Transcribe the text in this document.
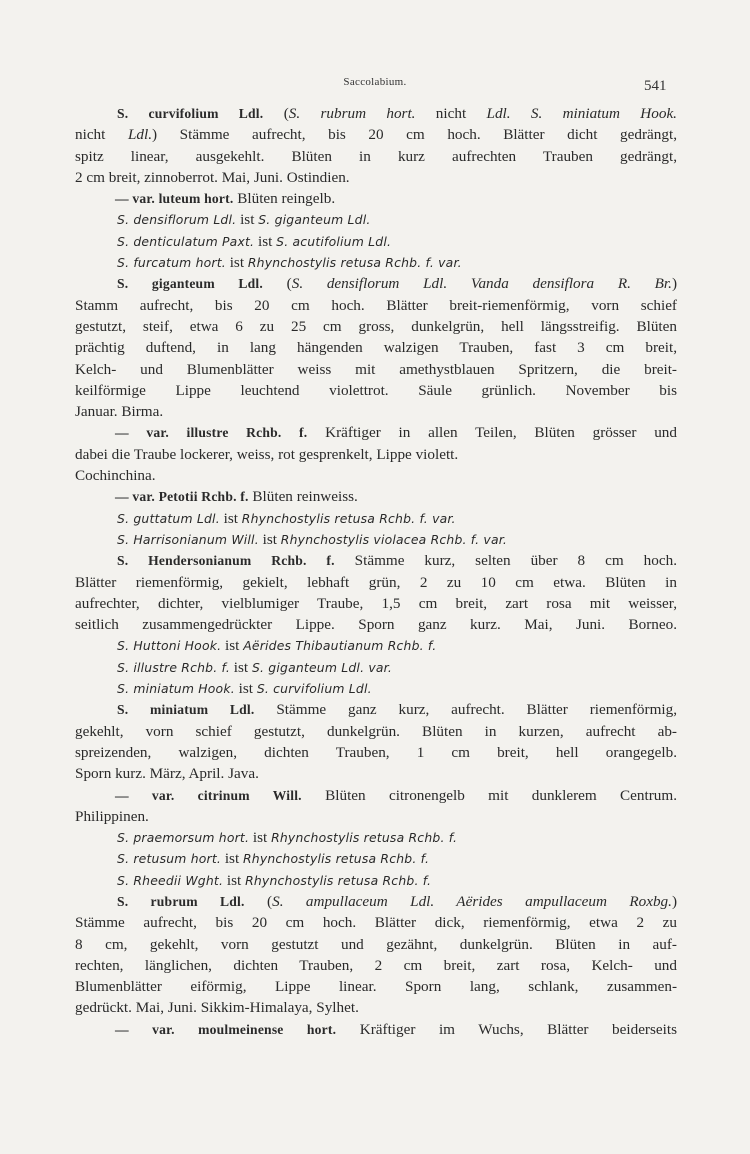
Saccolabium.	541
S. curvifolium Ldl. (S. rubrum hort. nicht Ldl. S. miniatum Hook.
nicht Ldl.) Stämme aufrecht, bis 20 cm hoch. Blätter dicht gedrängt,
spitz linear, ausgekehlt. Blüten in kurz aufrechten Trauben gedrängt,
2 cm breit, zinnoberrot. Mai, Juni. Ostindien.
— var. luteum hort. Blüten reingelb.
S. densiflorum Ldl. ist S. giganteum Ldl.
S. denticulatum Paxt. ist S. acutifolium Ldl.
S. furcatum hort. ist Rhynchostylis retusa Rchb. f. var.
S. giganteum Ldl. (S. densiflorum Ldl. Vanda densiflora R. Br.)
Stamm aufrecht, bis 20 cm hoch. Blätter breit-riemenförmig, vorn schief
gestutzt, steif, etwa 6 zu 25 cm gross, dunkelgrün, hell längsstreifig. Blüten
prächtig duftend, in lang hängenden walzigen Trauben, fast 3 cm breit,
Kelch- und Blumenblätter weiss mit amethystblauen Spritzern, die breit-
keilförmige Lippe leuchtend violettrot. Säule grünlich. November bis
Januar. Birma.
— var. illustre Rchb. f. Kräftiger in allen Teilen, Blüten grösser und
dabei die Traube lockerer, weiss, rot gesprenkelt, Lippe violett.
Cochinchina.
— var. Petotii Rchb. f. Blüten reinweiss.
S. guttatum Ldl. ist Rhynchostylis retusa Rchb. f. var.
S. Harrisonianum Will. ist Rhynchostylis violacea Rchb. f. var.
S. Hendersonianum Rchb. f. Stämme kurz, selten über 8 cm hoch.
Blätter riemenförmig, gekielt, lebhaft grün, 2 zu 10 cm etwa. Blüten in
aufrechter, dichter, vielblumiger Traube, 1,5 cm breit, zart rosa mit weisser,
seitlich zusammengedrückter Lippe. Sporn ganz kurz. Mai, Juni. Borneo.
S. Huttoni Hook. ist Aërides Thibautianum Rchb. f.
S. illustre Rchb. f. ist S. giganteum Ldl. var.
S. miniatum Hook. ist S. curvifolium Ldl.
S. miniatum Ldl. Stämme ganz kurz, aufrecht. Blätter riemenförmig,
gekehlt, vorn schief gestutzt, dunkelgrün. Blüten in kurzen, aufrecht ab-
spreizenden, walzigen, dichten Trauben, 1 cm breit, hell orangegelb.
Sporn kurz. März, April. Java.
— var. citrinum Will. Blüten citronengelb mit dunklerem Centrum.
Philippinen.
S. praemorsum hort. ist Rhynchostylis retusa Rchb. f.
S. retusum hort. ist Rhynchostylis retusa Rchb. f.
S. Rheedii Wght. ist Rhynchostylis retusa Rchb. f.
S. rubrum Ldl. (S. ampullaceum Ldl. Aërides ampullaceum Roxbg.)
Stämme aufrecht, bis 20 cm hoch. Blätter dick, riemenförmig, etwa 2 zu
8 cm, gekehlt, vorn gestutzt und gezähnt, dunkelgrün. Blüten in auf-
rechten, länglichen, dichten Trauben, 2 cm breit, zart rosa, Kelch- und
Blumenblätter eiförmig, Lippe linear. Sporn lang, schlank, zusammen-
gedrückt. Mai, Juni. Sikkim-Himalaya, Sylhet.
— var. moulmeinense hort. Kräftiger im Wuchs, Blätter beiderseits
